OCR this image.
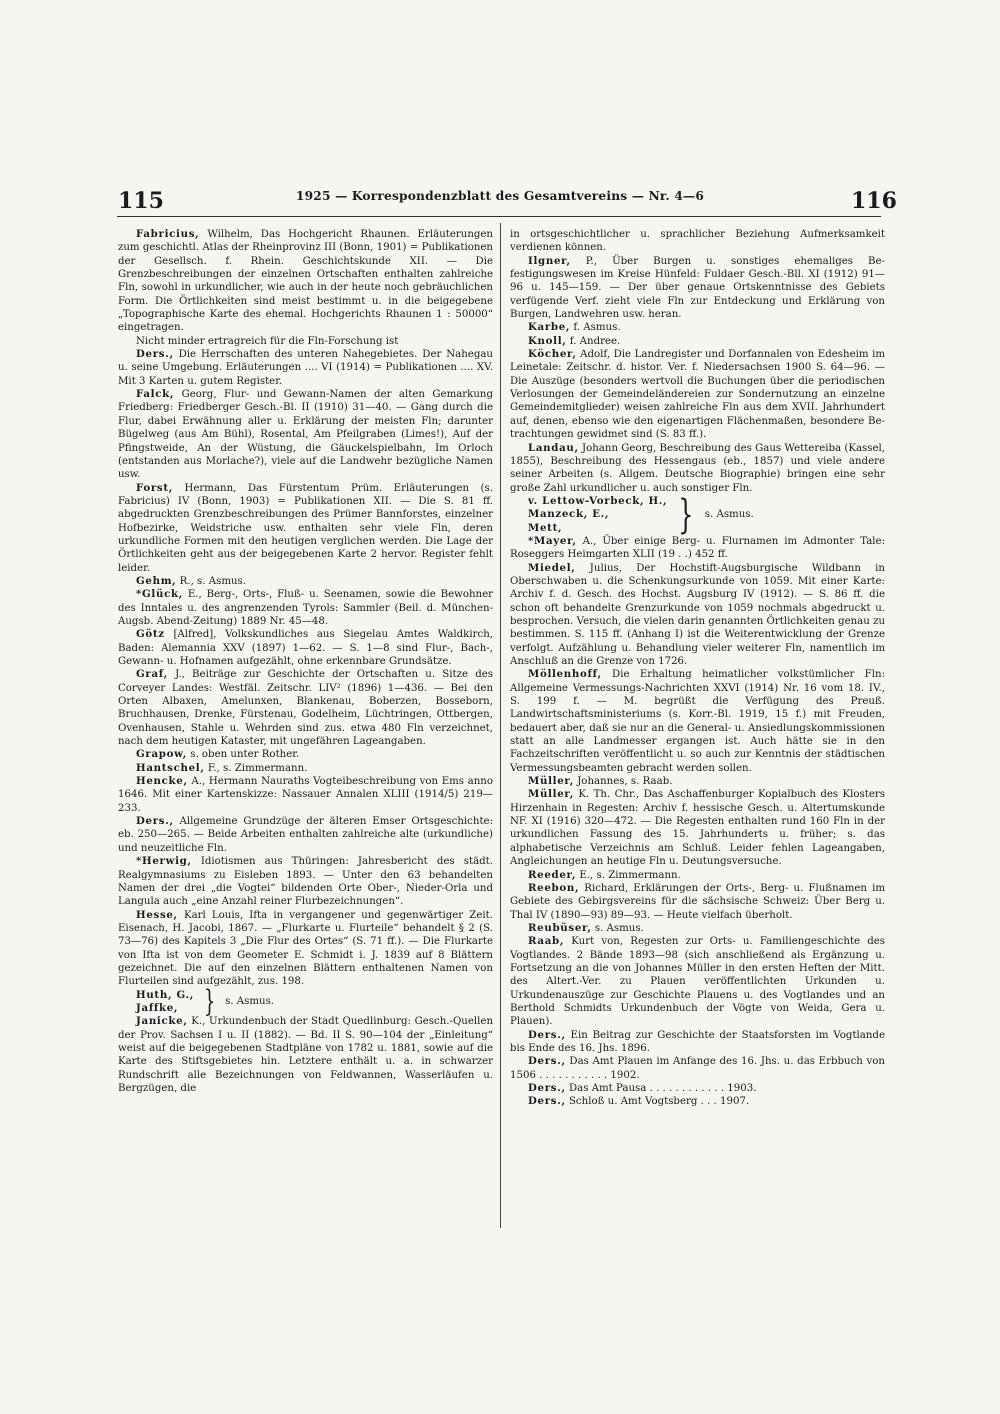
115	1925 — Korrespondenzblatt des Gesamtvereins — Nr. 4—6	116

Fabricius, Wilhelm, Das Hochgericht Rhaunen. Erläuterungen zum geschichtl. Atlas der Rheinprovinz III (Bonn, 1901) = Publikationen der Gesellsch. f. Rhein. Geschichtskunde XII. — Die Grenzbeschreibungen der einzelnen Ortschaften enthalten zahlreiche Fln, sowohl in urkundlicher, wie auch in der heute noch gebräuchlichen Form. Die Örtlichkeiten sind meist bestimmt u. in die beigegebene „Topographische Karte des ehemal. Hochgerichts Rhaunen 1 : 50000“ eingetragen.

Nicht minder ertragreich für die Fln-Forschung ist

Ders., Die Herrschaften des unteren Nahegebietes. Der Nahegau u. seine Umgebung. Erläuterungen .... VI (1914) = Publikationen .... XV. Mit 3 Karten u. gutem Register.

Falck, Georg, Flur- und Gewann-Namen der alten Gemarkung Friedberg: Friedberger Gesch.-Bl. II (1910) 31—40. — Gang durch die Flur, dabei Erwähnung aller u. Erklärung der meisten Fln; darunter Bügelweg (aus Am Bühl), Rosental, Am Pfeilgraben (Limes!), Auf der Pfingstweide, An der Wüstung, die Gäuckelspielbahn, Im Orloch (entstanden aus Morlache?), viele auf die Landwehr bezügliche Namen usw.

Forst, Hermann, Das Fürstentum Prüm. Erläuterungen (s. Fabricius) IV (Bonn, 1903) = Publikationen XII. — Die S. 81 ff. abgedruckten Grenzbeschreibungen des Prümer Bannforstes, einzelner Hofbezirke, Weidstriche usw. enthalten sehr viele Fln, deren urkundliche Formen mit den heutigen verglichen werden. Die Lage der Örtlichkeiten geht aus der beigegebenen Karte 2 hervor. Register fehlt leider.

Gehm, R., s. Asmus.

*Glück, E., Berg-, Orts-, Fluß- u. Seenamen, sowie die Bewohner des Inntales u. des angrenzenden Tyrols: Sammler (Beil. d. München-Augsb. Abend-Zeitung) 1889 Nr. 45—48.

Götz [Alfred], Volkskundliches aus Siegelau Amtes Waldkirch, Baden: Alemannia XXV (1897) 1—62. — S. 1—8 sind Flur-, Bach-, Gewann- u. Hofnamen aufgezählt, ohne erkennbare Grundsätze.

Graf, J., Beiträge zur Geschichte der Ortschaften u. Sitze des Corveyer Landes: Westfäl. Zeitschr. LIV² (1896) 1—436. — Bei den Orten Albaxen, Amelunxen, Blankenau, Boberzen, Bosseborn, Bruchhausen, Drenke, Fürstenau, Godelheim, Lüchtringen, Ottbergen, Ovenhausen, Stahle u. Wehrden sind zus. etwa 480 Fln verzeichnet, nach dem heutigen Kataster, mit ungefähren Lageangaben.

Grapow, s. oben unter Rother.

Hantschel, F., s. Zimmermann.

Hencke, A., Hermann Nauraths Vogteibeschreibung von Ems anno 1646. Mit einer Kartenskizze: Nassauer Annalen XLIII (1914/5) 219—233.

Ders., Allgemeine Grundzüge der älteren Emser Ortsgeschichte: eb. 250—265. — Beide Arbeiten enthalten zahlreiche alte (urkundliche) und neuzeitliche Fln.

*Herwig, Idiotismen aus Thüringen: Jahresbericht des städt. Realgymnasiums zu Eisleben 1893. — Unter den 63 behandelten Namen der drei „die Vogtei“ bildenden Orte Ober-, Nieder-Orla und Langula auch „eine Anzahl reiner Flurbezeichnungen“.

Hesse, Karl Louis, Ifta in vergangener und gegenwärtiger Zeit. Eisenach, H. Jacobi, 1867. — „Flurkarte u. Flurteile“ behandelt § 2 (S. 73—76) des Kapitels 3 „Die Flur des Ortes“ (S. 71 ff.). — Die Flurkarte von Ifta ist von dem Geometer E. Schmidt i. J. 1839 auf 8 Blättern gezeichnet. Die auf den einzelnen Blättern enthaltenen Namen von Flurteilen sind aufgezählt, zus. 198.

Huth, G.,
Jaffke, } s. Asmus.

Janicke, K., Urkundenbuch der Stadt Quedlinburg: Gesch.-Quellen der Prov. Sachsen I u. II (1882). — Bd. II S. 90—104 der „Einleitung“ weist auf die beigegebenen Stadtpläne von 1782 u. 1881, sowie auf die Karte des Stiftsgebietes hin. Letztere enthält u. a. in schwarzer Rundschrift alle Bezeichnungen von Feldwannen, Wasserläufen u. Bergzügen, die

in ortsgeschichtlicher u. sprachlicher Beziehung Aufmerksamkeit verdienen können.

Ilgner, P., Über Burgen u. sonstiges ehemaliges Befestigungswesen im Kreise Hünfeld: Fuldaer Gesch.-Bll. XI (1912) 91—96 u. 145—159. — Der über genaue Ortskenntnisse des Gebiets verfügende Verf. zieht viele Fln zur Entdeckung und Erklärung von Burgen, Landwehren usw. heran.

Karbe, f. Asmus.

Knoll, f. Andree.

Köcher, Adolf, Die Landregister und Dorfannalen von Edesheim im Leinetale: Zeitschr. d. histor. Ver. f. Niedersachsen 1900 S. 64—96. — Die Auszüge (besonders wertvoll die Buchungen über die periodischen Verlosungen der Gemeindeländereien zur Sondernutzung an einzelne Gemeindemitglieder) weisen zahlreiche Fln aus dem XVII. Jahrhundert auf, denen, ebenso wie den eigenartigen Flächenmaßen, besondere Betrachtungen gewidmet sind (S. 83 ff.).

Landau, Johann Georg, Beschreibung des Gaus Wettereiba (Kassel, 1855), Beschreibung des Hessengaus (eb., 1857) und viele andere seiner Arbeiten (s. Allgem. Deutsche Biographie) bringen eine sehr große Zahl urkundlicher u. auch sonstiger Fln.

v. Lettow-Vorbeck, H.,
Manzeck, E.,
Mett,	} s. Asmus.

*Mayer, A., Über einige Berg- u. Flurnamen im Admonter Tale: Roseggers Heimgarten XLII (19 . .) 452 ff.

Miedel, Julius, Der Hochstift-Augsburgische Wildbann in Oberschwaben u. die Schenkungsurkunde von 1059. Mit einer Karte: Archiv f. d. Gesch. des Hochst. Augsburg IV (1912). — S. 86 ff. die schon oft behandelte Grenzurkunde von 1059 nochmals abgedruckt u. besprochen. Versuch, die vielen darin genannten Örtlichkeiten genau zu bestimmen. S. 115 ff. (Anhang I) ist die Weiterentwicklung der Grenze verfolgt. Aufzählung u. Behandlung vieler weiterer Fln, namentlich im Anschluß an die Grenze von 1726.

Möllenhoff, Die Erhaltung heimatlicher volkstümlicher Fln: Allgemeine Vermessungs-Nachrichten XXVI (1914) Nr. 16 vom 18. IV., S. 199 f. — M. begrüßt die Verfügung des Preuß. Landwirtschaftsministeriums (s. Korr.-Bl. 1919, 15 f.) mit Freuden, bedauert aber, daß sie nur an die General- u. Ansiedlungskommissionen statt an alle Landmesser ergangen ist. Auch hätte sie in den Fachzeitschriften veröffentlicht u. so auch zur Kenntnis der städtischen Vermessungsbeamten gebracht werden sollen.

Müller, Johannes, s. Raab.

Müller, K. Th. Chr., Das Aschaffenburger Kopialbuch des Klosters Hirzenhain in Regesten: Archiv f. hessische Gesch. u. Altertumskunde NF. XI (1916) 320—472. — Die Regesten enthalten rund 160 Fln in der urkundlichen Fassung des 15. Jahrhunderts u. früher; s. das alphabetische Verzeichnis am Schluß. Leider fehlen Lageangaben, Angleichungen an heutige Fln u. Deutungsversuche.

Reeder, E., s. Zimmermann.

Reebon, Richard, Erklärungen der Orts-, Berg- u. Flußnamen im Gebiete des Gebirgsvereins für die sächsische Schweiz: Über Berg u. Thal IV (1890—93) 89—93. — Heute vielfach überholt.

Reubüser, s. Asmus.

Raab, Kurt von, Regesten zur Orts- u. Familiengeschichte des Vogtlandes. 2 Bände 1893—98 (sich anschließend als Ergänzung u. Fortsetzung an die von Johannes Müller in den ersten Heften der Mitt. des Altert.-Ver. zu Plauen veröffentlichten Urkunden u. Urkundenauszüge zur Geschichte Plauens u. des Vogtlandes und an Berthold Schmidts Urkundenbuch der Vögte von Weida, Gera u. Plauen).

Ders., Ein Beitrag zur Geschichte der Staatsforsten im Vogtlande bis Ende des 16. Jhs. 1896.

Ders., Das Amt Plauen im Anfange des 16. Jhs. u. das Erbbuch von 1506 . . . . . . . . . . . 1902.

Ders., Das Amt Pausa . . . . . . . . . . . . 1903.

Ders., Schloß u. Amt Vogtsberg . . . 1907.
